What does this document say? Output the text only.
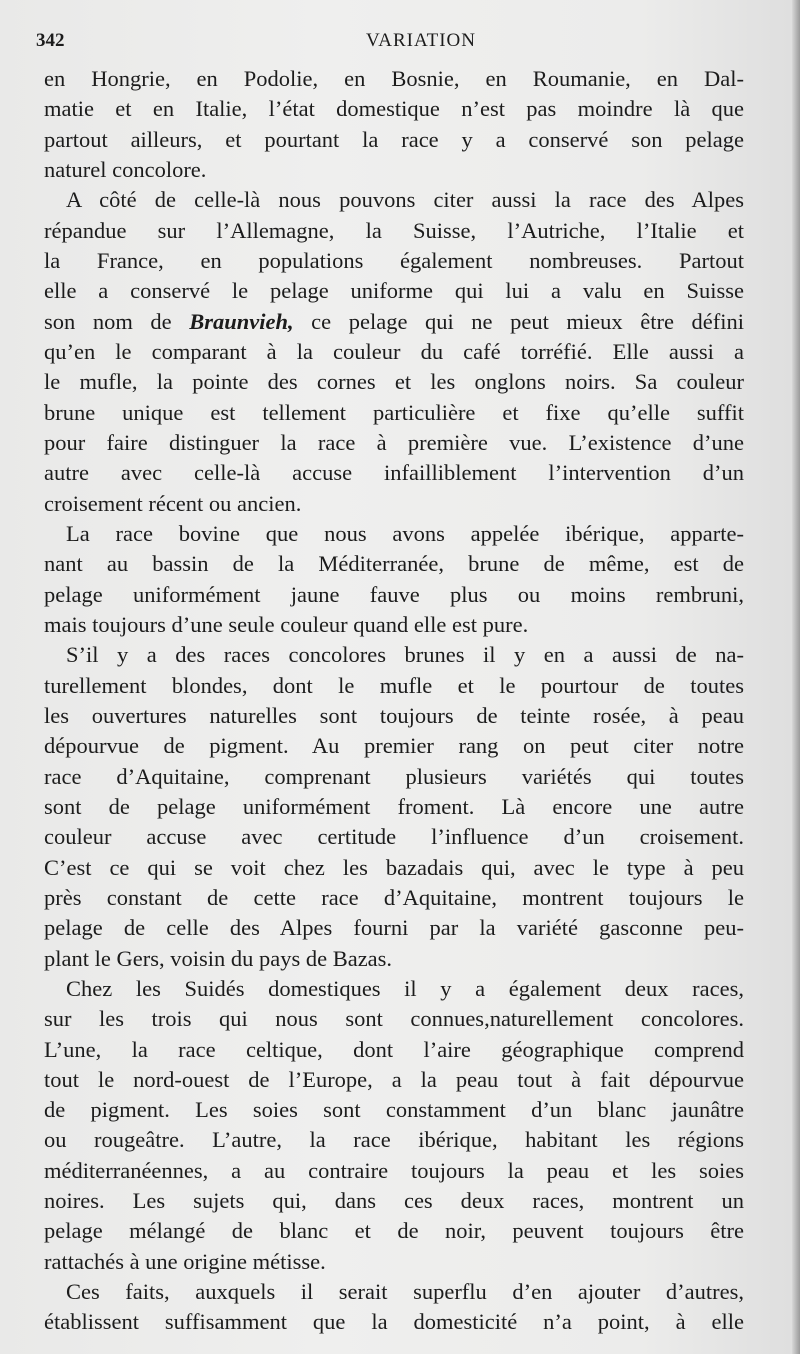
342	VARIATION
en Hongrie, en Podolie, en Bosnie, en Roumanie, en Dal-
matie et en Italie, l’état domestique n’est pas moindre là que
partout ailleurs, et pourtant la race y a conservé son pelage
naturel concolore.
A côté de celle-là nous pouvons citer aussi la race des Alpes
répandue sur l’Allemagne, la Suisse, l’Autriche, l’Italie et
la France, en populations également nombreuses. Partout
elle a conservé le pelage uniforme qui lui a valu en Suisse
son nom de Braunvieh, ce pelage qui ne peut mieux être défini
qu’en le comparant à la couleur du café torréfié. Elle aussi a
le mufle, la pointe des cornes et les onglons noirs. Sa couleur
brune unique est tellement particulière et fixe qu’elle suffit
pour faire distinguer la race à première vue. L’existence d’une
autre avec celle-là accuse infailliblement l’intervention d’un
croisement récent ou ancien.
La race bovine que nous avons appelée ibérique, apparte-
nant au bassin de la Méditerranée, brune de même, est de
pelage uniformément jaune fauve plus ou moins rembruni,
mais toujours d’une seule couleur quand elle est pure.
S’il y a des races concolores brunes il y en a aussi de na-
turellement blondes, dont le mufle et le pourtour de toutes
les ouvertures naturelles sont toujours de teinte rosée, à peau
dépourvue de pigment. Au premier rang on peut citer notre
race d’Aquitaine, comprenant plusieurs variétés qui toutes
sont de pelage uniformément froment. Là encore une autre
couleur accuse avec certitude l’influence d’un croisement.
C’est ce qui se voit chez les bazadais qui, avec le type à peu
près constant de cette race d’Aquitaine, montrent toujours le
pelage de celle des Alpes fourni par la variété gasconne peu-
plant le Gers, voisin du pays de Bazas.
Chez les Suidés domestiques il y a également deux races,
sur les trois qui nous sont connues,naturellement concolores.
L’une, la race celtique, dont l’aire géographique comprend
tout le nord-ouest de l’Europe, a la peau tout à fait dépourvue
de pigment. Les soies sont constamment d’un blanc jaunâtre
ou rougeâtre. L’autre, la race ibérique, habitant les régions
méditerranéennes, a au contraire toujours la peau et les soies
noires. Les sujets qui, dans ces deux races, montrent un
pelage mélangé de blanc et de noir, peuvent toujours être
rattachés à une origine métisse.
Ces faits, auxquels il serait superflu d’en ajouter d’autres,
établissent suffisamment que la domesticité n’a point, à elle
